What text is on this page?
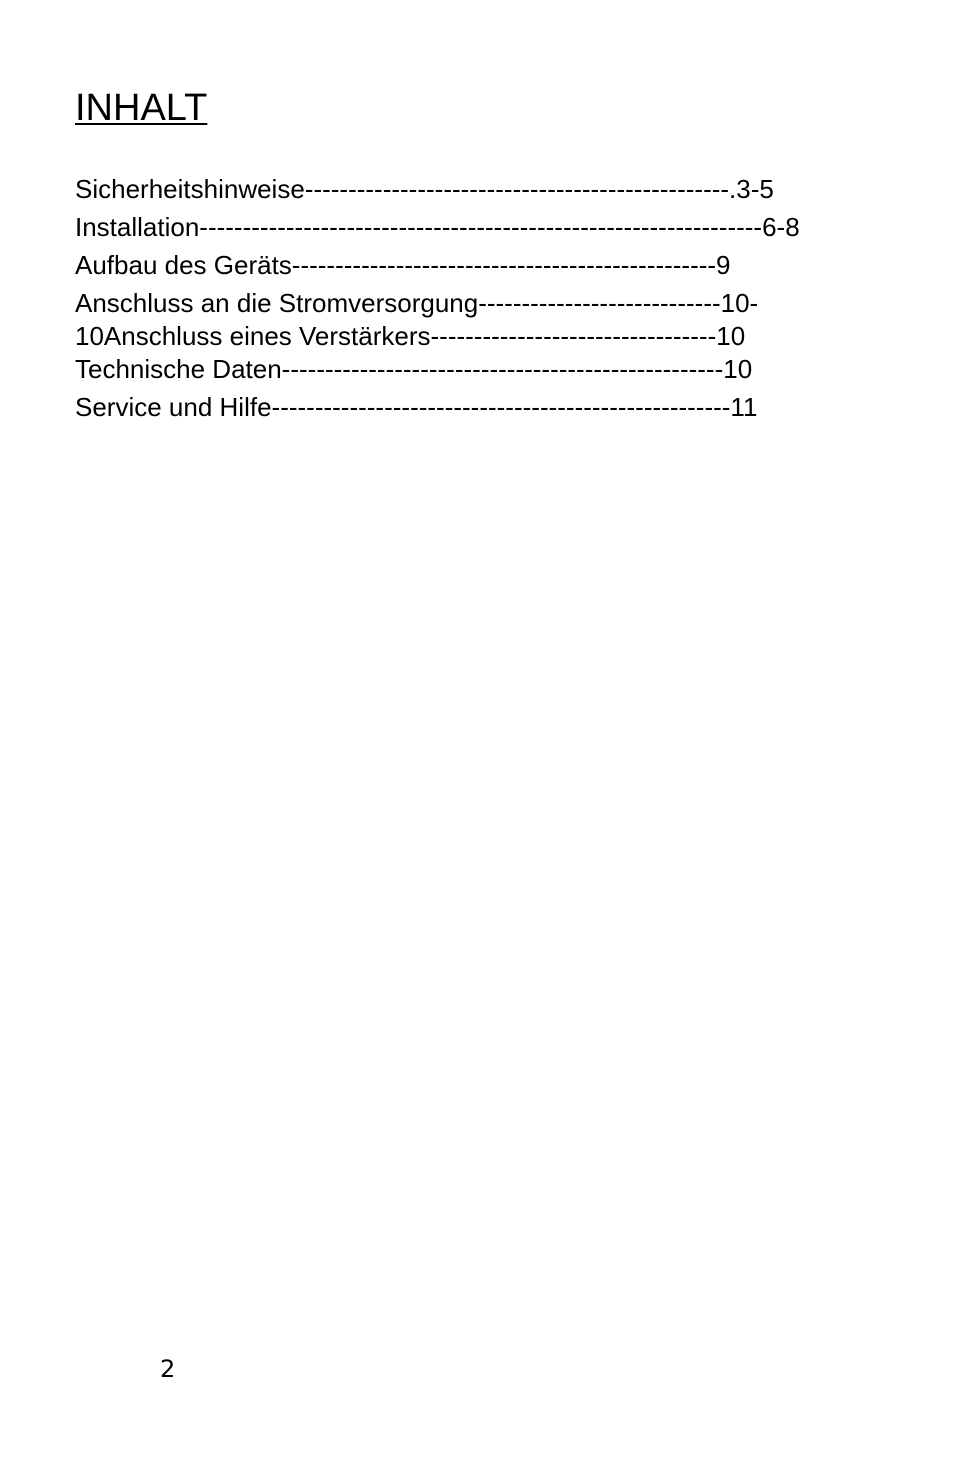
INHALT
Sicherheitshinweise-------------------------------------------------.3-5
Installation-----------------------------------------------------------------6-8
Aufbau des Geräts-------------------------------------------------9
Anschluss an die Stromversorgung----------------------------10-
10Anschluss eines Verstärkers---------------------------------10
Technische Daten---------------------------------------------------10
Service und Hilfe-----------------------------------------------------11
2
